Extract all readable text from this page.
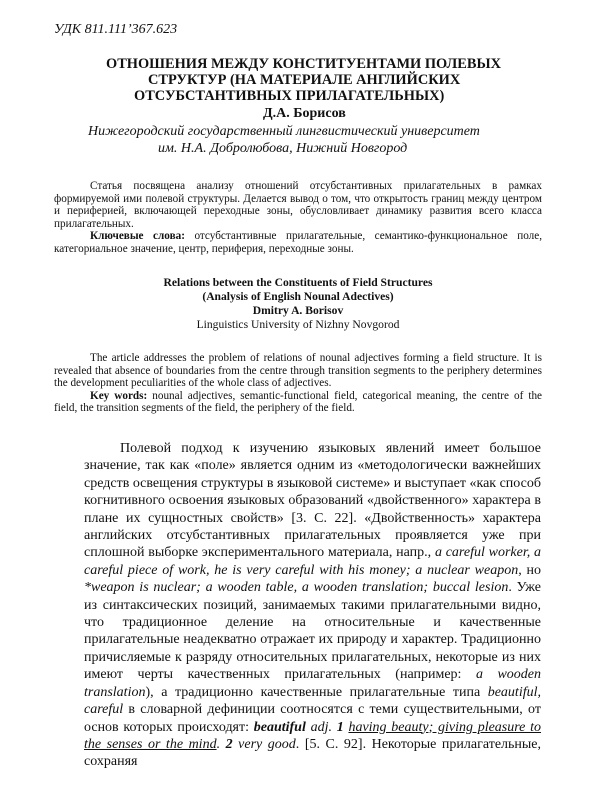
УДК 811.111’367.623
ОТНОШЕНИЯ МЕЖДУ КОНСТИТУЕНТАМИ ПОЛЕВЫХ
СТРУКТУР (НА МАТЕРИАЛЕ АНГЛИЙСКИХ
ОТСУБСТАНТИВНЫХ ПРИЛАГАТЕЛЬНЫХ)
Д.А. Борисов
Нижегородский государственный лингвистический университет
им. Н.А. Добролюбова, Нижний Новгород

Статья посвящена анализу отношений отсубстантивных прилагательных в рамках формируемой ими полевой структуры. Делается вывод о том, что открытость границ между центром и периферией, включающей переходные зоны, обусловливает динамику развития всего класса прилагательных.

Ключевые слова: отсубстантивные прилагательные, семантико-функциональное поле, категориальное значение, центр, периферия, переходные зоны.

Relations between the Constituents of Field Structures
(Analysis of English Nounal Adectives)
Dmitry A. Borisov
Linguistics University of Nizhny Novgorod

The article addresses the problem of relations of nounal adjectives forming a field structure. It is revealed that absence of boundaries from the centre through transition segments to the periphery determines the development peculiarities of the whole class of adjectives.

Key words: nounal adjectives, semantic-functional field, categorical meaning, the centre of the field, the transition segments of the field, the periphery of the field.

Полевой подход к изучению языковых явлений имеет большое значение, так как «поле» является одним из «методологически важнейших средств освещения структуры в языковой системе» и выступает «как способ когнитивного освоения языковых образований «двойственного» характера в плане их сущностных свойств» [3. С. 22]. «Двойственность» характера английских отсубстантивных прилагательных проявляется уже при сплошной выборке экспериментального материала, напр., a careful worker, a careful piece of work, he is very careful with his money; a nuclear weapon, но *weapon is nuclear; a wooden table, a wooden translation; buccal lesion. Уже из синтаксических позиций, занимаемых такими прилагательными видно, что традиционное деление на относительные и качественные прилагательные неадекватно отражает их природу и характер. Традиционно причисляемые к разряду относительных прилагательных, некоторые из них имеют черты качественных прилагательных (например: a wooden translation), а традиционно качественные прилагательные типа beautiful, careful в словарной дефиниции соотносятся с теми существительными, от основ которых происходят: beautiful adj. 1 having beauty; giving pleasure to the senses or the mind. 2 very good. [5. С. 92]. Некоторые прилагательные, сохраняя
